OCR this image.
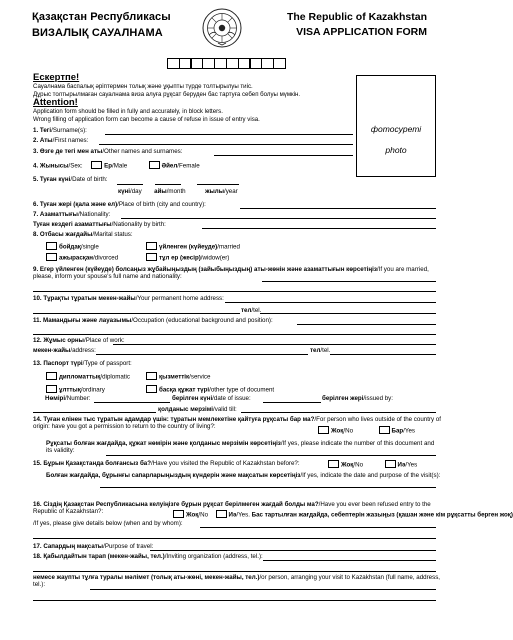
Қазақстан Республикасы
ВИЗАЛЫҚ САУАЛНАМА
The Republic of Kazakhstan
VISA APPLICATION FORM
фотосуреті
photo
Ескертпе!
Сауалнама баспалық әріптермен толық және ұқыпты түрде толтырылуы тиіс.
Дұрыс толтырылмаған сауалнама виза алуға рұқсат беруден бас тартуға себеп болуы мүмкін.
Attention!
Application form should be filled in fully and accurately, in block letters.
Wrong filling of application form can become a cause of refuse in issue of entry visa.
1. Тегі/Surname(s):
2. Аты/First names:
3. Өзге де тегі мен аты/Other names and surnames:
4. Жынысы/Sex:	Ер/Male	Әйел/Female
5. Туған күні/Date of birth:
күні/day айы/month	жылы/year
6. Туған жері (қала және ел)/Place of birth (city and country):
7. Азаматтығы/Nationality:
Туған кездегі азаматтығы/Nationality by birth:
8. Отбасы жағдайы/Marital status:
бойдақ/single	үйленген (күйеуде)/married
ажырасқан/divorced	тұл ер (жесір)/widow(er)
9. Егер үйленген (күйеуде) болсаңыз жұбайыңыздың (зайыбыңыздың) аты-жөнін және азаматтығын көрсетіңіз/If you are married, please, inform your spouse's full name and nationality:
10. Тұрақты тұратын мекен-жайы/Your permanent home address:
тел/tel.
11. Мамандығы және лауазымы/Occupation (educational background and position):
12. Жұмыс орны/Place of work:
мекен-жайы/address:	тел/tel.
13. Паспорт түрі/Type of passport:
дипломаттық/diplomatic	қызметтік/service
ұлттық/ordinary	басқа құжат түрі/other type of document
Нөмірі/Number:	берілген күні/date of issue:	берілген жері/issued by:
қолданыс мерзімі/valid till:
14. Туған елінен тыс тұратын адамдар үшін: тұратын мемлекетіне қайтуға рұқсаты бар ма?/For person who lives outside of the country of origin: have you got a permission to return to the country of living?:
Жоқ/No	Бар/Yes
Рұқсаты болған жағдайда, құжат нөмірін және қолданыс мерзімін көрсетіңіз/If yes, please indicate the number of this document and its validity:
15. Бұрын Қазақстанда болғансыз ба?/Have you visited the Republic of Kazakhstan before?:	Жоқ/No	Иә/Yes
Болған жағдайда, бұрынғы сапарларыңыздың күндерін және мақсатын көрсетіңіз/If yes, indicate the date and purpose of the visit(s):
16. Сіздің Қазақстан Республикасына келуіңізге бұрын рұқсат берілмеген жағдай болды ма?/Have you ever been refused entry to the Republic of Kazakhstan?:	Жоқ/No	Иә/Yes. Бас тартылған жағдайда, себептерін жазыңыз (қашан және кім рұқсатты берген жоқ)
/If yes, please give details below (when and by whom):
17. Сапардың мақсаты/Purpose of travel:
18. Қабылдайтын тарап (мекен-жайы, тел.)/Inviting organization (address, tel.):
немесе жаупты тұлға туралы мәлімет (толық аты-жөні, мекен-жайы, тел.)/or person, arranging your visit to Kazakhstan (full name, address, tel.):
